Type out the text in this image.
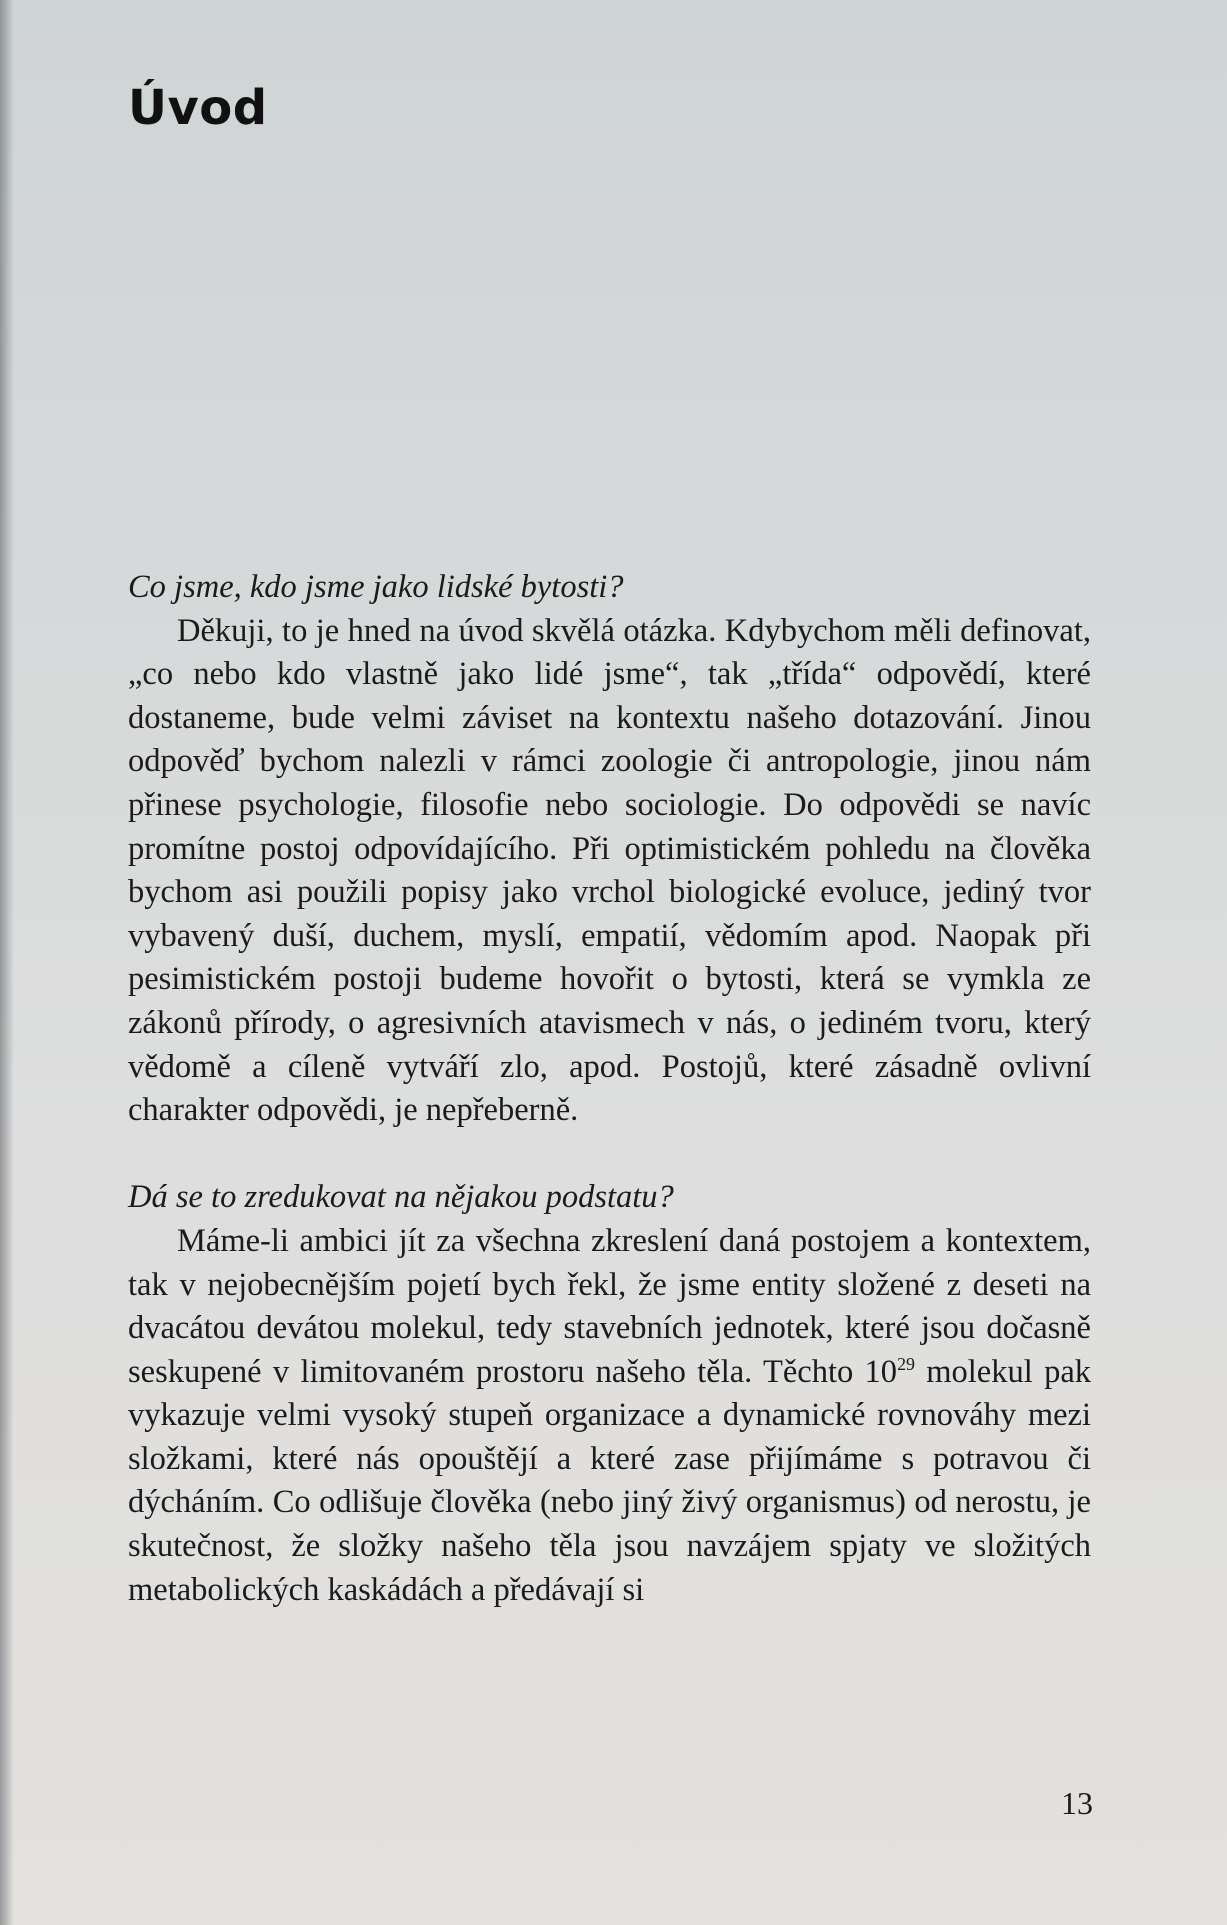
Úvod

Co jsme, kdo jsme jako lidské bytosti?

Děkuji, to je hned na úvod skvělá otázka. Kdybychom měli definovat, „co nebo kdo vlastně jako lidé jsme“, tak „třída“ odpovědí, které dostaneme, bude velmi záviset na kontextu našeho dotazování. Jinou odpověď bychom nalezli v rámci zoologie či antropologie, jinou nám přinese psychologie, filosofie nebo sociologie. Do odpovědi se navíc promítne postoj odpovídajícího. Při optimistickém pohledu na člověka bychom asi použili popisy jako vrchol biologické evoluce, jediný tvor vybavený duší, duchem, myslí, empatií, vědomím apod. Naopak při pesimistickém postoji budeme hovořit o bytosti, která se vymkla ze zákonů přírody, o agresivních atavismech v nás, o jediném tvoru, který vědomě a cíleně vytváří zlo, apod. Postojů, které zásadně ovlivní charakter odpovědi, je nepřeberně.

Dá se to zredukovat na nějakou podstatu?

Máme-li ambici jít za všechna zkreslení daná postojem a kontextem, tak v nejobecnějším pojetí bych řekl, že jsme entity složené z deseti na dvacátou devátou molekul, tedy stavebních jednotek, které jsou dočasně seskupené v limitovaném prostoru našeho těla. Těchto $10^{29}$ molekul pak vykazuje velmi vysoký stupeň organizace a dynamické rovnováhy mezi složkami, které nás opouštějí a které zase přijímáme s potravou či dýcháním. Co odlišuje člověka (nebo jiný živý organismus) od nerostu, je skutečnost, že složky našeho těla jsou navzájem spjaty ve složitých metabolických kaskádách a předávají si

13
